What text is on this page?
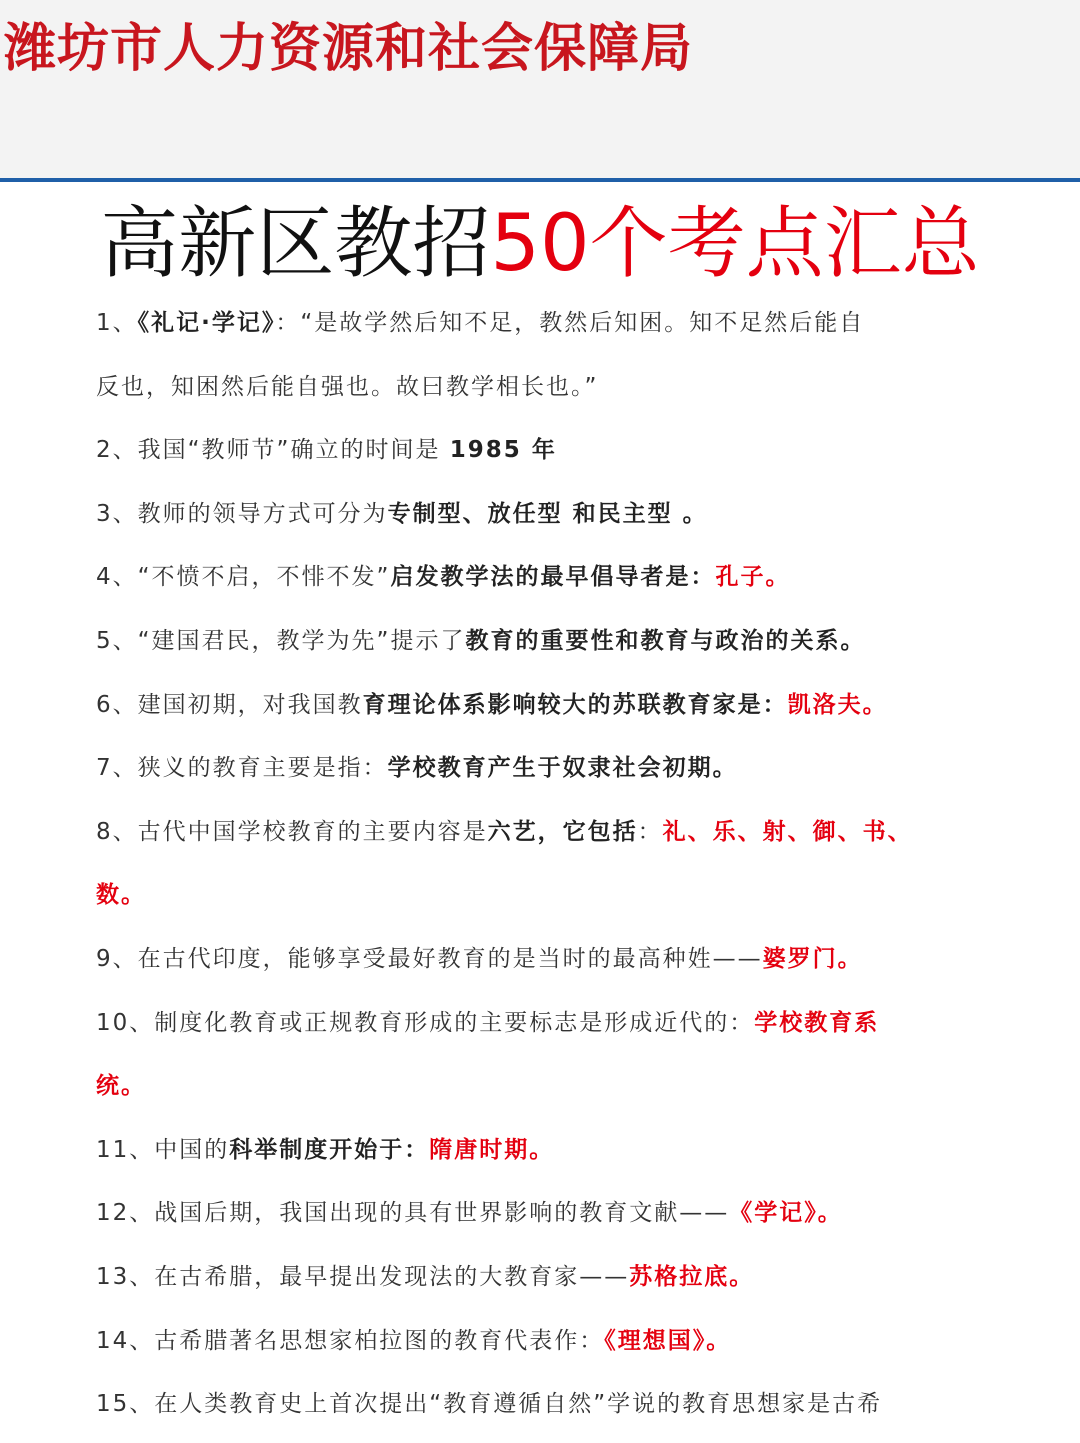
潍坊市人力资源和社会保障局
高新区教招50个考点汇总
1、《礼记·学记》：“是故学然后知不足，教然后知困。知不足然后能自
反也，知困然后能自强也。故曰教学相长也。”
2、我国“教师节”确立的时间是 1985 年
3、教师的领导方式可分为专制型、放任型 和民主型 。
4、“不愤不启，不悱不发”启发教学法的最早倡导者是：孔子。
5、“建国君民，教学为先”提示了教育的重要性和教育与政治的关系。
6、建国初期，对我国教育理论体系影响较大的苏联教育家是：凯洛夫。
7、狭义的教育主要是指：学校教育产生于奴隶社会初期。
8、古代中国学校教育的主要内容是六艺，它包括：礼、乐、射、御、书、
数。
9、在古代印度，能够享受最好教育的是当时的最高种姓——婆罗门。
10、制度化教育或正规教育形成的主要标志是形成近代的：学校教育系
统。
11、中国的科举制度开始于：隋唐时期。
12、战国后期，我国出现的具有世界影响的教育文献——《学记》。
13、在古希腊，最早提出发现法的大教育家——苏格拉底。
14、古希腊著名思想家柏拉图的教育代表作：《理想国》。
15、在人类教育史上首次提出“教育遵循自然”学说的教育思想家是古希
